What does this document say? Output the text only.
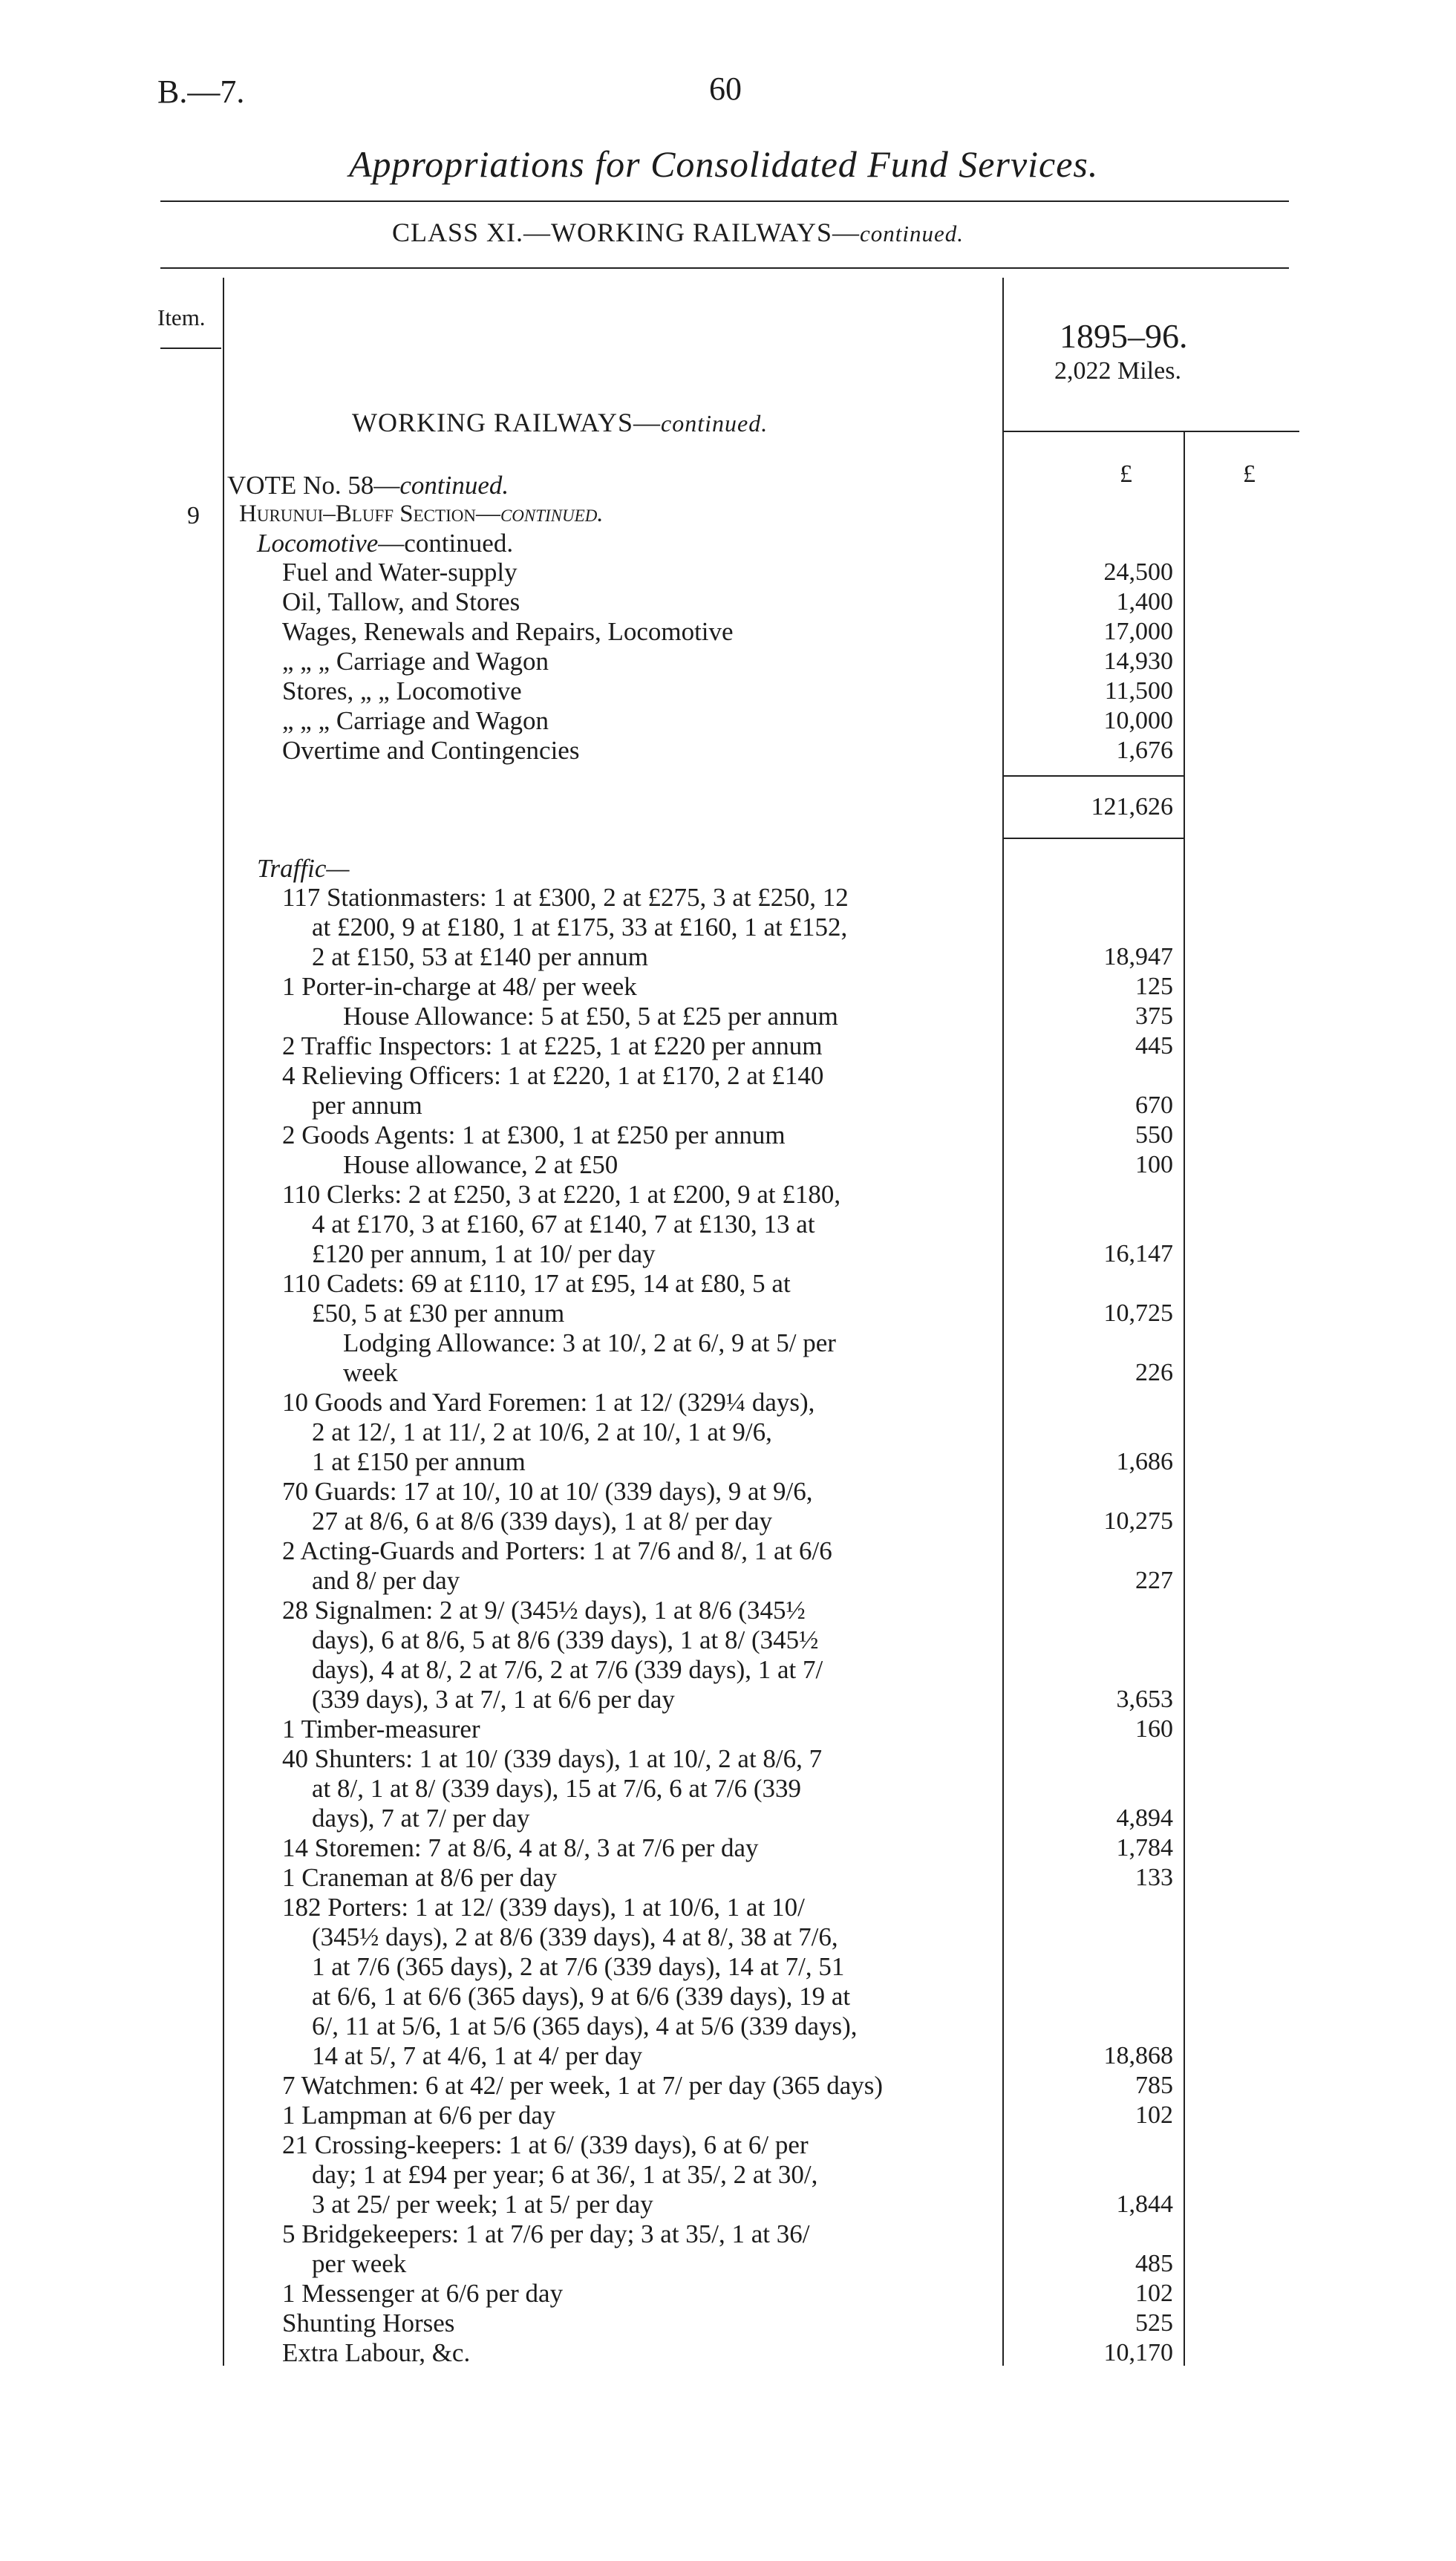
B.—7.	60
Appropriations for Consolidated Fund Services.
CLASS XI.—WORKING RAILWAYS—continued.
Item.	1895–96.
2,022 Miles.
WORKING RAILWAYS—continued.
£	£
VOTE No. 58—continued.
9 Hurunui–Bluff Section—continued.
Locomotive—continued.
Fuel and Water-supply	24,500
Oil, Tallow, and Stores	1,400
Wages, Renewals and Repairs, Locomotive	17,000
„ „ „ Carriage and Wagon	14,930
Stores, „ „ Locomotive	11,500
„ „ „ Carriage and Wagon	10,000
Overtime and Contingencies	1,676
121,626
Traffic—
117 Stationmasters: 1 at £300, 2 at £275, 3 at £250, 12
at £200, 9 at £180, 1 at £175, 33 at £160, 1 at £152,
2 at £150, 53 at £140 per annum	18,947
1 Porter-in-charge at 48/ per week	125
House Allowance: 5 at £50, 5 at £25 per annum	375
2 Traffic Inspectors: 1 at £225, 1 at £220 per annum	445
4 Relieving Officers: 1 at £220, 1 at £170, 2 at £140
per annum	670
2 Goods Agents: 1 at £300, 1 at £250 per annum	550
House allowance, 2 at £50	100
110 Clerks: 2 at £250, 3 at £220, 1 at £200, 9 at £180,
4 at £170, 3 at £160, 67 at £140, 7 at £130, 13 at
£120 per annum, 1 at 10/ per day	16,147
110 Cadets: 69 at £110, 17 at £95, 14 at £80, 5 at
£50, 5 at £30 per annum	10,725
Lodging Allowance: 3 at 10/, 2 at 6/, 9 at 5/ per
week	226
10 Goods and Yard Foremen: 1 at 12/ (329¼ days),
2 at 12/, 1 at 11/, 2 at 10/6, 2 at 10/, 1 at 9/6,
1 at £150 per annum	1,686
70 Guards: 17 at 10/, 10 at 10/ (339 days), 9 at 9/6,
27 at 8/6, 6 at 8/6 (339 days), 1 at 8/ per day	10,275
2 Acting-Guards and Porters: 1 at 7/6 and 8/, 1 at 6/6
and 8/ per day	227
28 Signalmen: 2 at 9/ (345½ days), 1 at 8/6 (345½
days), 6 at 8/6, 5 at 8/6 (339 days), 1 at 8/ (345½
days), 4 at 8/, 2 at 7/6, 2 at 7/6 (339 days), 1 at 7/
(339 days), 3 at 7/, 1 at 6/6 per day	3,653
1 Timber-measurer	160
40 Shunters: 1 at 10/ (339 days), 1 at 10/, 2 at 8/6, 7
at 8/, 1 at 8/ (339 days), 15 at 7/6, 6 at 7/6 (339
days), 7 at 7/ per day	4,894
14 Storemen: 7 at 8/6, 4 at 8/, 3 at 7/6 per day	1,784
1 Craneman at 8/6 per day	133
182 Porters: 1 at 12/ (339 days), 1 at 10/6, 1 at 10/
(345½ days), 2 at 8/6 (339 days), 4 at 8/, 38 at 7/6,
1 at 7/6 (365 days), 2 at 7/6 (339 days), 14 at 7/, 51
at 6/6, 1 at 6/6 (365 days), 9 at 6/6 (339 days), 19 at
6/, 11 at 5/6, 1 at 5/6 (365 days), 4 at 5/6 (339 days),
14 at 5/, 7 at 4/6, 1 at 4/ per day	18,868
7 Watchmen: 6 at 42/ per week, 1 at 7/ per day (365 days)	785
1 Lampman at 6/6 per day	102
21 Crossing-keepers: 1 at 6/ (339 days), 6 at 6/ per
day; 1 at £94 per year; 6 at 36/, 1 at 35/, 2 at 30/,
3 at 25/ per week; 1 at 5/ per day	1,844
5 Bridgekeepers: 1 at 7/6 per day; 3 at 35/, 1 at 36/
per week	485
1 Messenger at 6/6 per day	102
Shunting Horses	525
Extra Labour, &c.	10,170
